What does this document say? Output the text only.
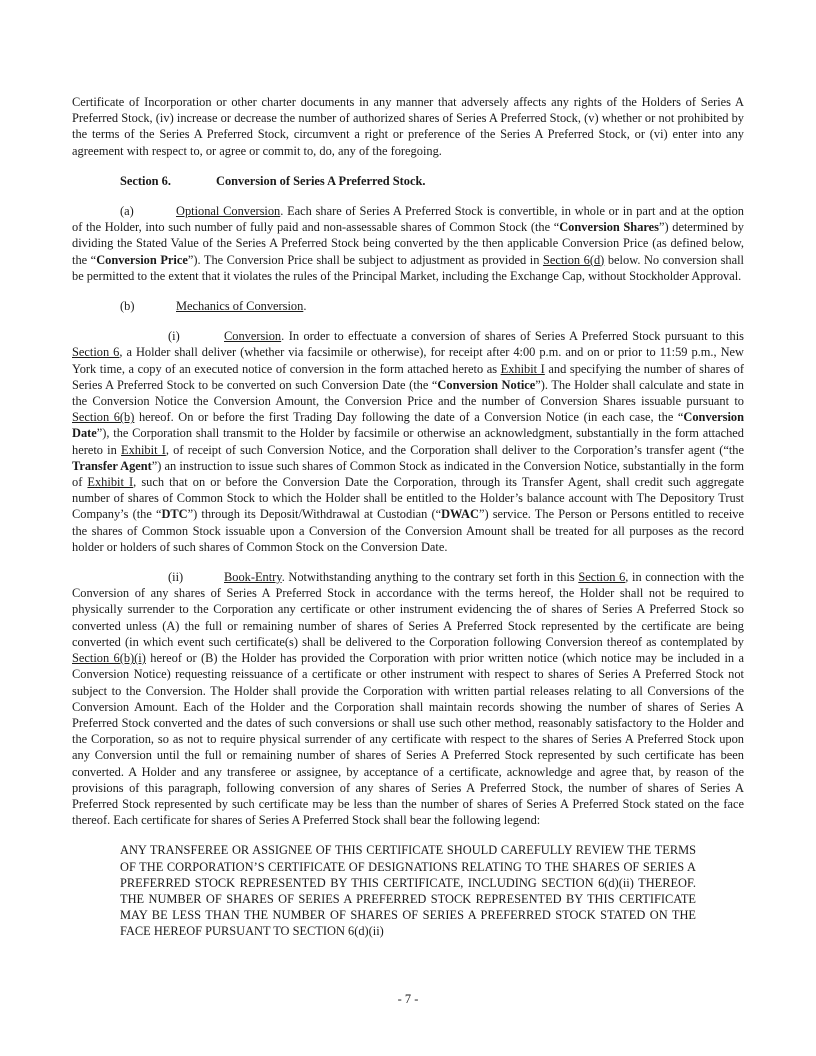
Certificate of Incorporation or other charter documents in any manner that adversely affects any rights of the Holders of Series A Preferred Stock, (iv) increase or decrease the number of authorized shares of Series A Preferred Stock, (v) whether or not prohibited by the terms of the Series A Preferred Stock, circumvent a right or preference of the Series A Preferred Stock, or (vi) enter into any agreement with respect to, or agree or commit to, do, any of the foregoing.

Section 6.	Conversion of Series A Preferred Stock.

(a)	Optional Conversion. Each share of Series A Preferred Stock is convertible, in whole or in part and at the option of the Holder, into such number of fully paid and non-assessable shares of Common Stock (the “Conversion Shares”) determined by dividing the Stated Value of the Series A Preferred Stock being converted by the then applicable Conversion Price (as defined below, the “Conversion Price”). The Conversion Price shall be subject to adjustment as provided in Section 6(d) below. No conversion shall be permitted to the extent that it violates the rules of the Principal Market, including the Exchange Cap, without Stockholder Approval.

(b)	Mechanics of Conversion.

(i)	Conversion. In order to effectuate a conversion of shares of Series A Preferred Stock pursuant to this Section 6, a Holder shall deliver (whether via facsimile or otherwise), for receipt after 4:00 p.m. and on or prior to 11:59 p.m., New York time, a copy of an executed notice of conversion in the form attached hereto as Exhibit I and specifying the number of shares of Series A Preferred Stock to be converted on such Conversion Date (the “Conversion Notice”). The Holder shall calculate and state in the Conversion Notice the Conversion Amount, the Conversion Price and the number of Conversion Shares issuable pursuant to Section 6(b) hereof. On or before the first Trading Day following the date of a Conversion Notice (in each case, the “Conversion Date”), the Corporation shall transmit to the Holder by facsimile or otherwise an acknowledgment, substantially in the form attached hereto in Exhibit I, of receipt of such Conversion Notice, and the Corporation shall deliver to the Corporation’s transfer agent (“the Transfer Agent”) an instruction to issue such shares of Common Stock as indicated in the Conversion Notice, substantially in the form of Exhibit I, such that on or before the Conversion Date the Corporation, through its Transfer Agent, shall credit such aggregate number of shares of Common Stock to which the Holder shall be entitled to the Holder’s balance account with The Depository Trust Company’s (the “DTC”) through its Deposit/Withdrawal at Custodian (“DWAC”) service. The Person or Persons entitled to receive the shares of Common Stock issuable upon a Conversion of the Conversion Amount shall be treated for all purposes as the record holder or holders of such shares of Common Stock on the Conversion Date.

(ii)	Book-Entry. Notwithstanding anything to the contrary set forth in this Section 6, in connection with the Conversion of any shares of Series A Preferred Stock in accordance with the terms hereof, the Holder shall not be required to physically surrender to the Corporation any certificate or other instrument evidencing the of shares of Series A Preferred Stock so converted unless (A) the full or remaining number of shares of Series A Preferred Stock represented by the certificate are being converted (in which event such certificate(s) shall be delivered to the Corporation following Conversion thereof as contemplated by Section 6(b)(i) hereof or (B) the Holder has provided the Corporation with prior written notice (which notice may be included in a Conversion Notice) requesting reissuance of a certificate or other instrument with respect to shares of Series A Preferred Stock not subject to the Conversion. The Holder shall provide the Corporation with written partial releases relating to all Conversions of the Conversion Amount. Each of the Holder and the Corporation shall maintain records showing the number of shares of Series A Preferred Stock converted and the dates of such conversions or shall use such other method, reasonably satisfactory to the Holder and the Corporation, so as not to require physical surrender of any certificate with respect to the shares of Series A Preferred Stock upon any Conversion until the full or remaining number of shares of Series A Preferred Stock represented by such certificate has been converted. A Holder and any transferee or assignee, by acceptance of a certificate, acknowledge and agree that, by reason of the provisions of this paragraph, following conversion of any shares of Series A Preferred Stock, the number of shares of Series A Preferred Stock represented by such certificate may be less than the number of shares of Series A Preferred Stock stated on the face thereof. Each certificate for shares of Series A Preferred Stock shall bear the following legend:

ANY TRANSFEREE OR ASSIGNEE OF THIS CERTIFICATE SHOULD CAREFULLY REVIEW THE TERMS OF THE CORPORATION’S CERTIFICATE OF DESIGNATIONS RELATING TO THE SHARES OF SERIES A PREFERRED STOCK REPRESENTED BY THIS CERTIFICATE, INCLUDING SECTION 6(d)(ii) THEREOF. THE NUMBER OF SHARES OF SERIES A PREFERRED STOCK REPRESENTED BY THIS CERTIFICATE MAY BE LESS THAN THE NUMBER OF SHARES OF SERIES A PREFERRED STOCK STATED ON THE FACE HEREOF PURSUANT TO SECTION 6(d)(ii)

- 7 -
